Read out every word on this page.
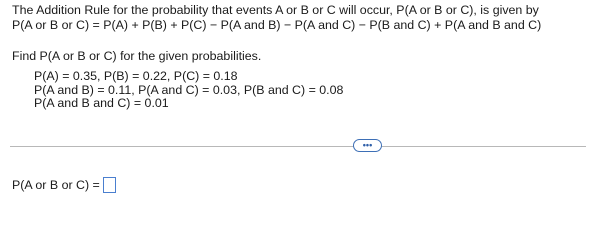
The Addition Rule for the probability that events A or B or C will occur, P(A or B or C), is given by
P(A or B or C) = P(A) + P(B) + P(C) − P(A and B) − P(A and C) − P(B and C) + P(A and B and C)
Find P(A or B or C) for the given probabilities.
P(A) = 0.35, P(B) = 0.22, P(C) = 0.18
P(A and B) = 0.11, P(A and C) = 0.03, P(B and C) = 0.08
P(A and B and C) = 0.01
•••
P(A or B or C) =
